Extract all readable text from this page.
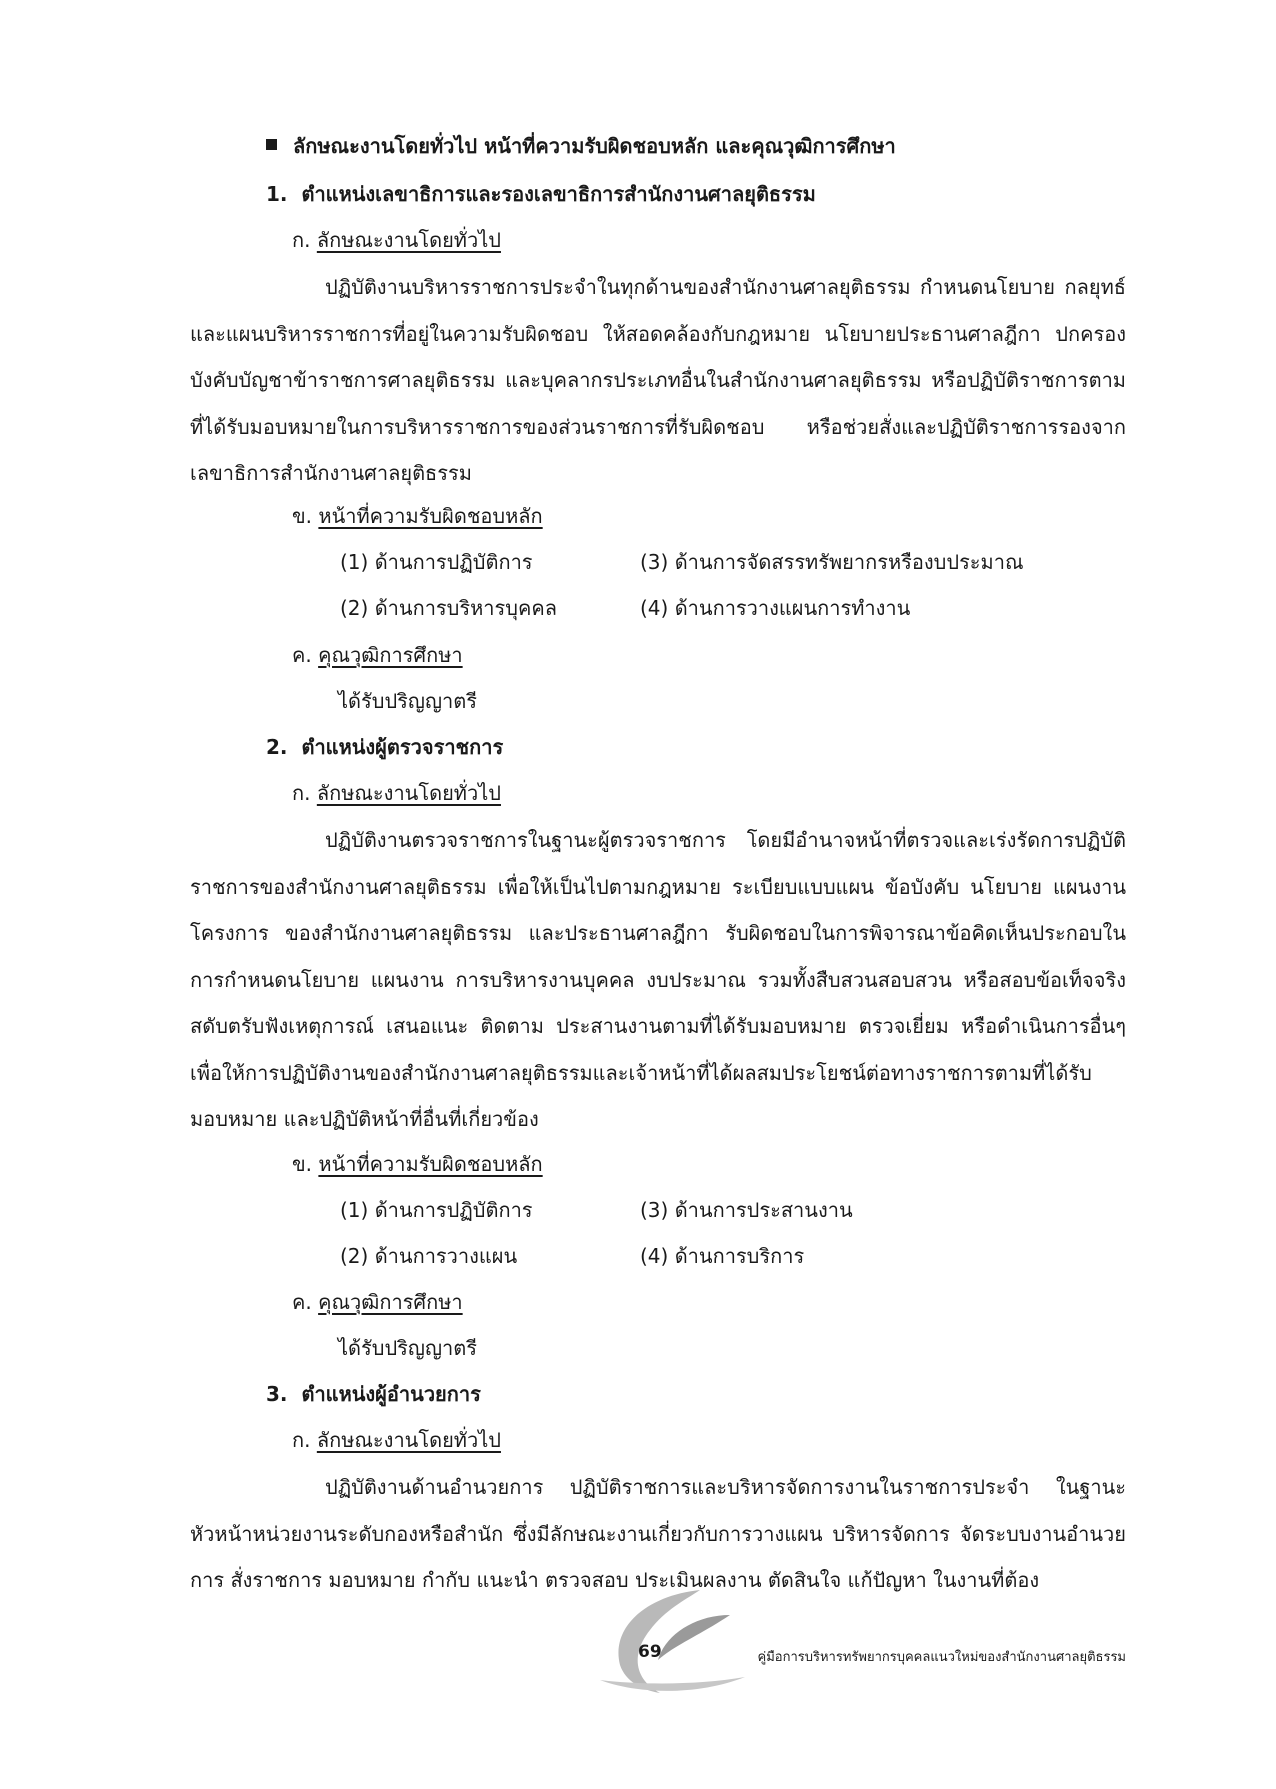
ลักษณะงานโดยทั่วไป หน้าที่ความรับผิดชอบหลัก และคุณวุฒิการศึกษา
1. ตำแหน่งเลขาธิการและรองเลขาธิการสำนักงานศาลยุติธรรม
ก. ลักษณะงานโดยทั่วไป

ปฏิบัติงานบริหารราชการประจำในทุกด้านของสำนักงานศาลยุติธรรม กำหนดนโยบาย กลยุทธ์และแผนบริหารราชการที่อยู่ในความรับผิดชอบ ให้สอดคล้องกับกฎหมาย นโยบายประธานศาลฎีกา ปกครองบังคับบัญชาข้าราชการศาลยุติธรรม และบุคลากรประเภทอื่นในสำนักงานศาลยุติธรรม หรือปฏิบัติราชการตามที่ได้รับมอบหมายในการบริหารราชการของส่วนราชการที่รับผิดชอบ หรือช่วยสั่งและปฏิบัติราชการรองจากเลขาธิการสำนักงานศาลยุติธรรม

ข. หน้าที่ความรับผิดชอบหลัก
(1) ด้านการปฏิบัติการ	(3) ด้านการจัดสรรทรัพยากรหรืองบประมาณ
(2) ด้านการบริหารบุคคล	(4) ด้านการวางแผนการทำงาน
ค. คุณวุฒิการศึกษา
ได้รับปริญญาตรี
2. ตำแหน่งผู้ตรวจราชการ
ก. ลักษณะงานโดยทั่วไป

ปฏิบัติงานตรวจราชการในฐานะผู้ตรวจราชการ โดยมีอำนาจหน้าที่ตรวจและเร่งรัดการปฏิบัติราชการของสำนักงานศาลยุติธรรม เพื่อให้เป็นไปตามกฎหมาย ระเบียบแบบแผน ข้อบังคับ นโยบาย แผนงานโครงการ ของสำนักงานศาลยุติธรรม และประธานศาลฎีกา รับผิดชอบในการพิจารณาข้อคิดเห็นประกอบในการกำหนดนโยบาย แผนงาน การบริหารงานบุคคล งบประมาณ รวมทั้งสืบสวนสอบสวน หรือสอบข้อเท็จจริงสดับตรับฟังเหตุการณ์ เสนอแนะ ติดตาม ประสานงานตามที่ได้รับมอบหมาย ตรวจเยี่ยม หรือดำเนินการอื่นๆ เพื่อให้การปฏิบัติงานของสำนักงานศาลยุติธรรมและเจ้าหน้าที่ได้ผลสมประโยชน์ต่อทางราชการตามที่ได้รับมอบหมาย และปฏิบัติหน้าที่อื่นที่เกี่ยวข้อง

ข. หน้าที่ความรับผิดชอบหลัก
(1) ด้านการปฏิบัติการ	(3) ด้านการประสานงาน
(2) ด้านการวางแผน	(4) ด้านการบริการ
ค. คุณวุฒิการศึกษา
ได้รับปริญญาตรี
3. ตำแหน่งผู้อำนวยการ
ก. ลักษณะงานโดยทั่วไป

ปฏิบัติงานด้านอำนวยการ ปฏิบัติราชการและบริหารจัดการงานในราชการประจำ ในฐานะหัวหน้าหน่วยงานระดับกองหรือสำนัก ซึ่งมีลักษณะงานเกี่ยวกับการวางแผน บริหารจัดการ จัดระบบงานอำนวยการ สั่งราชการ มอบหมาย กำกับ แนะนำ ตรวจสอบ ประเมินผลงาน ตัดสินใจ แก้ปัญหา ในงานที่ต้อง

69	คู่มือการบริหารทรัพยากรบุคคลแนวใหม่ของสำนักงานศาลยุติธรรม
